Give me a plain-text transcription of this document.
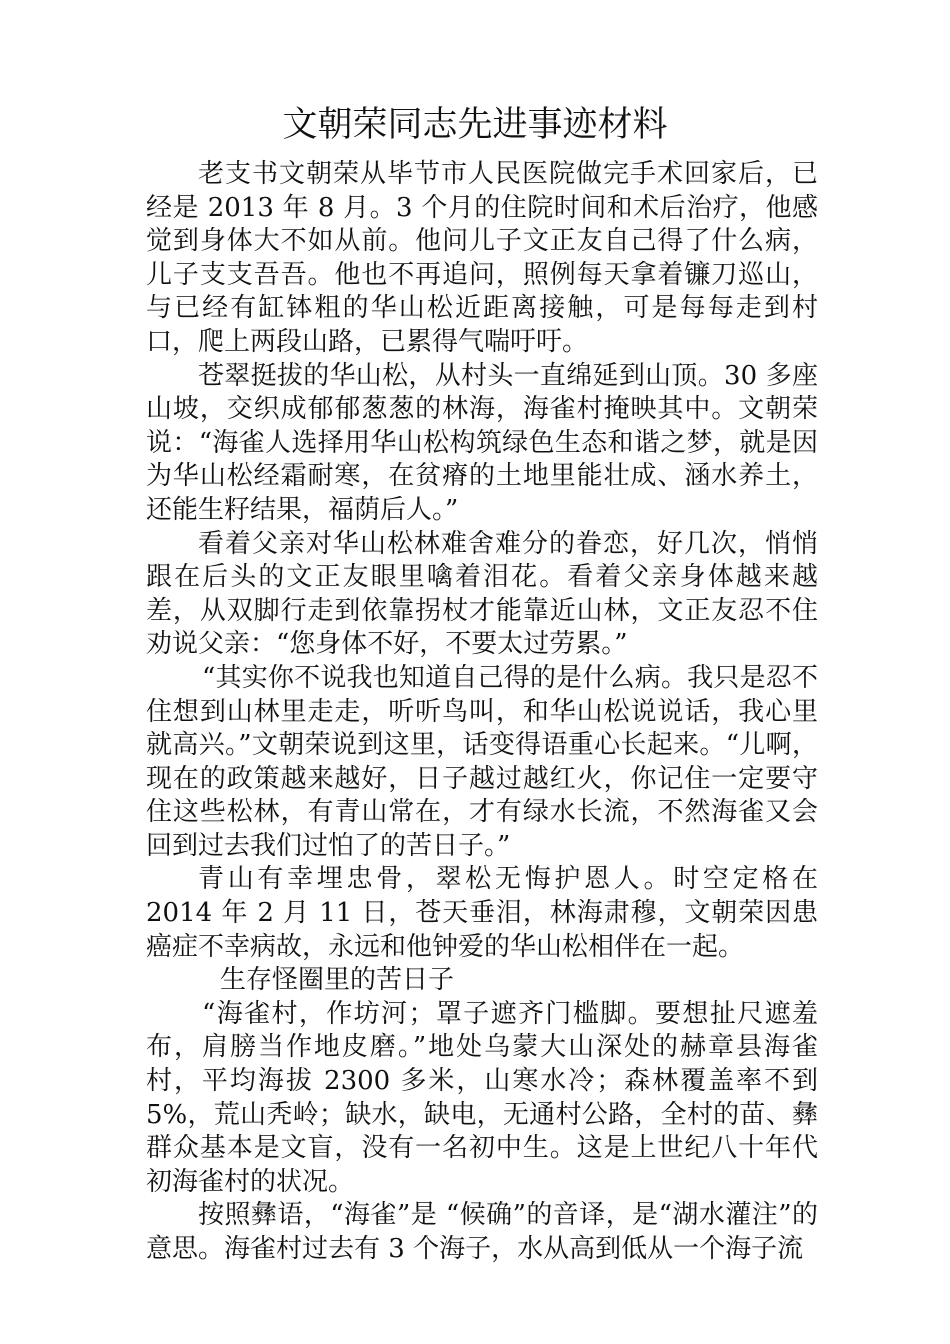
文朝荣同志先进事迹材料

老支书文朝荣从毕节市人民医院做完手术回家后，已经是 2013 年 8 月。3 个月的住院时间和术后治疗，他感觉到身体大不如从前。他问儿子文正友自己得了什么病，儿子支支吾吾。他也不再追问，照例每天拿着镰刀巡山，与已经有缸钵粗的华山松近距离接触，可是每每走到村口，爬上两段山路，已累得气喘吁吁。

苍翠挺拔的华山松，从村头一直绵延到山顶。30 多座山坡，交织成郁郁葱葱的林海，海雀村掩映其中。文朝荣说：“海雀人选择用华山松构筑绿色生态和谐之梦，就是因为华山松经霜耐寒，在贫瘠的土地里能壮成、涵水养土，还能生籽结果，福荫后人。”

看着父亲对华山松林难舍难分的眷恋，好几次，悄悄跟在后头的文正友眼里噙着泪花。看着父亲身体越来越差，从双脚行走到依靠拐杖才能靠近山林，文正友忍不住劝说父亲：“您身体不好，不要太过劳累。”

“其实你不说我也知道自己得的是什么病。我只是忍不住想到山林里走走，听听鸟叫，和华山松说说话，我心里就高兴。”文朝荣说到这里，话变得语重心长起来。“儿啊，现在的政策越来越好，日子越过越红火，你记住一定要守住这些松林，有青山常在，才有绿水长流，不然海雀又会回到过去我们过怕了的苦日子。”

青山有幸埋忠骨，翠松无悔护恩人。时空定格在 2014 年 2 月 11 日，苍天垂泪，林海肃穆，文朝荣因患癌症不幸病故，永远和他钟爱的华山松相伴在一起。

生存怪圈里的苦日子

“海雀村，作坊河；罩子遮齐门槛脚。要想扯尺遮羞布，肩膀当作地皮磨。”地处乌蒙大山深处的赫章县海雀村，平均海拔 2300 多米，山寒水冷；森林覆盖率不到 5%，荒山秃岭；缺水，缺电，无通村公路，全村的苗、彝群众基本是文盲，没有一名初中生。这是上世纪八十年代初海雀村的状况。

按照彝语，“海雀”是 “候确”的音译，是“湖水灌注”的意思。海雀村过去有 3 个海子，水从高到低从一个海子流
